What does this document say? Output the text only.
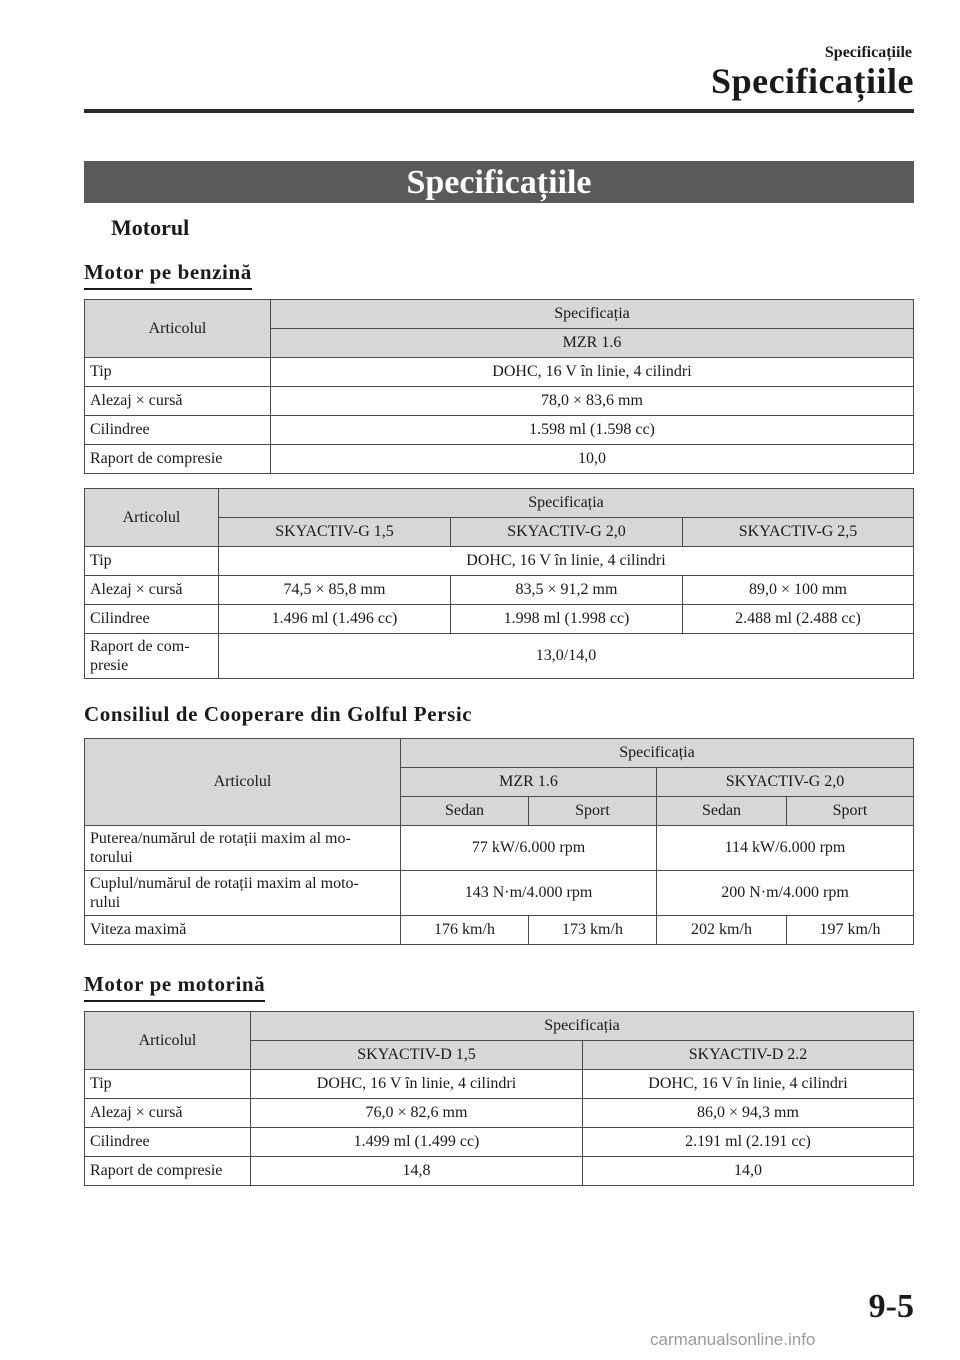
Specificațiile
Specificațiile
Specificațiile
Motorul
Motor pe benzină
Articolul	Specificația
	MZR 1.6
Tip	DOHC, 16 V în linie, 4 cilindri
Alezaj × cursă	78,0 × 83,6 mm
Cilindree	1.598 ml (1.598 cc)
Raport de compresie	10,0
Articolul	Specificația		
	SKYACTIV-G 1,5	SKYACTIV-G 2,0	SKYACTIV-G 2,5
Tip	DOHC, 16 V în linie, 4 cilindri		
Alezaj × cursă	74,5 × 85,8 mm	83,5 × 91,2 mm	89,0 × 100 mm
Cilindree	1.496 ml (1.496 cc)	1.998 ml (1.998 cc)	2.488 ml (2.488 cc)
Raport de com-
presie	13,0/14,0		
Consiliul de Cooperare din Golful Persic
Articolul	Specificația			
	MZR 1.6		SKYACTIV-G 2,0	
	Sedan	Sport	Sedan	Sport
Puterea/numărul de rotații maxim al mo-
torului	77 kW/6.000 rpm		114 kW/6.000 rpm	
Cuplul/numărul de rotații maxim al moto-
rului	143 N·m/4.000 rpm		200 N·m/4.000 rpm	
Viteza maximă	176 km/h	173 km/h	202 km/h	197 km/h
Motor pe motorină
Articolul	Specificația	
	SKYACTIV-D 1,5	SKYACTIV-D 2.2
Tip	DOHC, 16 V în linie, 4 cilindri	DOHC, 16 V în linie, 4 cilindri
Alezaj × cursă	76,0 × 82,6 mm	86,0 × 94,3 mm
Cilindree	1.499 ml (1.499 cc)	2.191 ml (2.191 cc)
Raport de compresie	14,8	14,0
9-5
carmanualsonline.info
